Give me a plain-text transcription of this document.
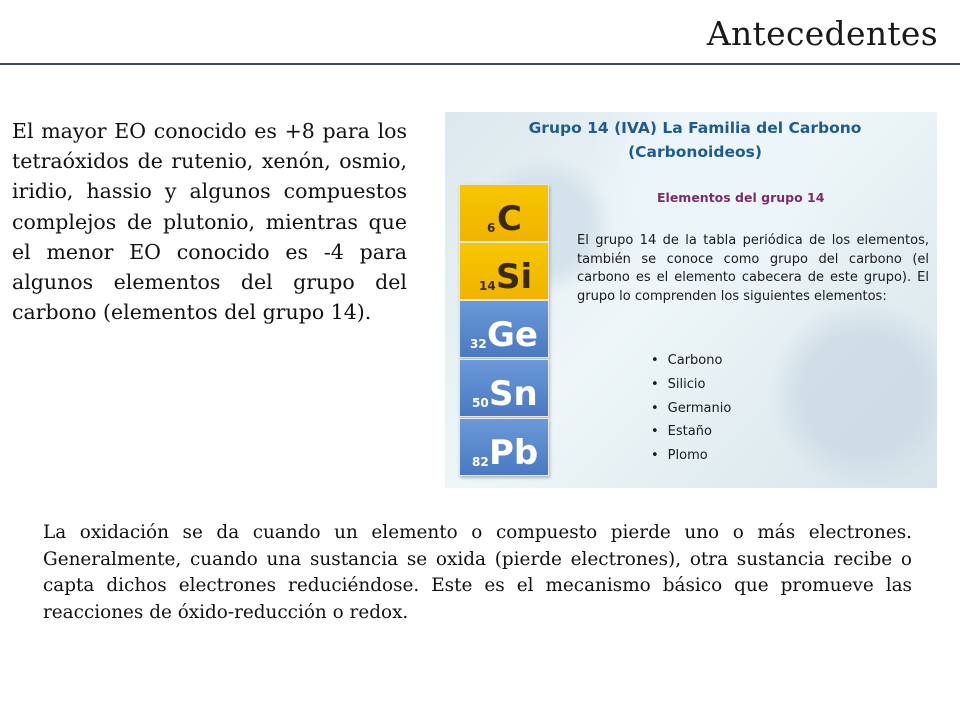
Antecedentes
El mayor EO conocido es +8 para los tetraóxidos de rutenio, xenón, osmio, iridio, hassio y algunos compuestos complejos de plutonio, mientras que el menor EO conocido es -4 para algunos elementos del grupo del carbono (elementos del grupo 14).
Grupo 14 (IVA) La Familia del Carbono
(Carbonoideos)
Elementos del grupo 14
6 C
14 Si
32 Ge
50 Sn
82 Pb
El grupo 14 de la tabla periódica de los elementos, también se conoce como grupo del carbono (el carbono es el elemento cabecera de este grupo). El grupo lo comprenden los siguientes elementos:
• Carbono
• Silicio
• Germanio
• Estaño
• Plomo
La oxidación se da cuando un elemento o compuesto pierde uno o más electrones. Generalmente, cuando una sustancia se oxida (pierde electrones), otra sustancia recibe o capta dichos electrones reduciéndose. Este es el mecanismo básico que promueve las reacciones de óxido-reducción o redox.
